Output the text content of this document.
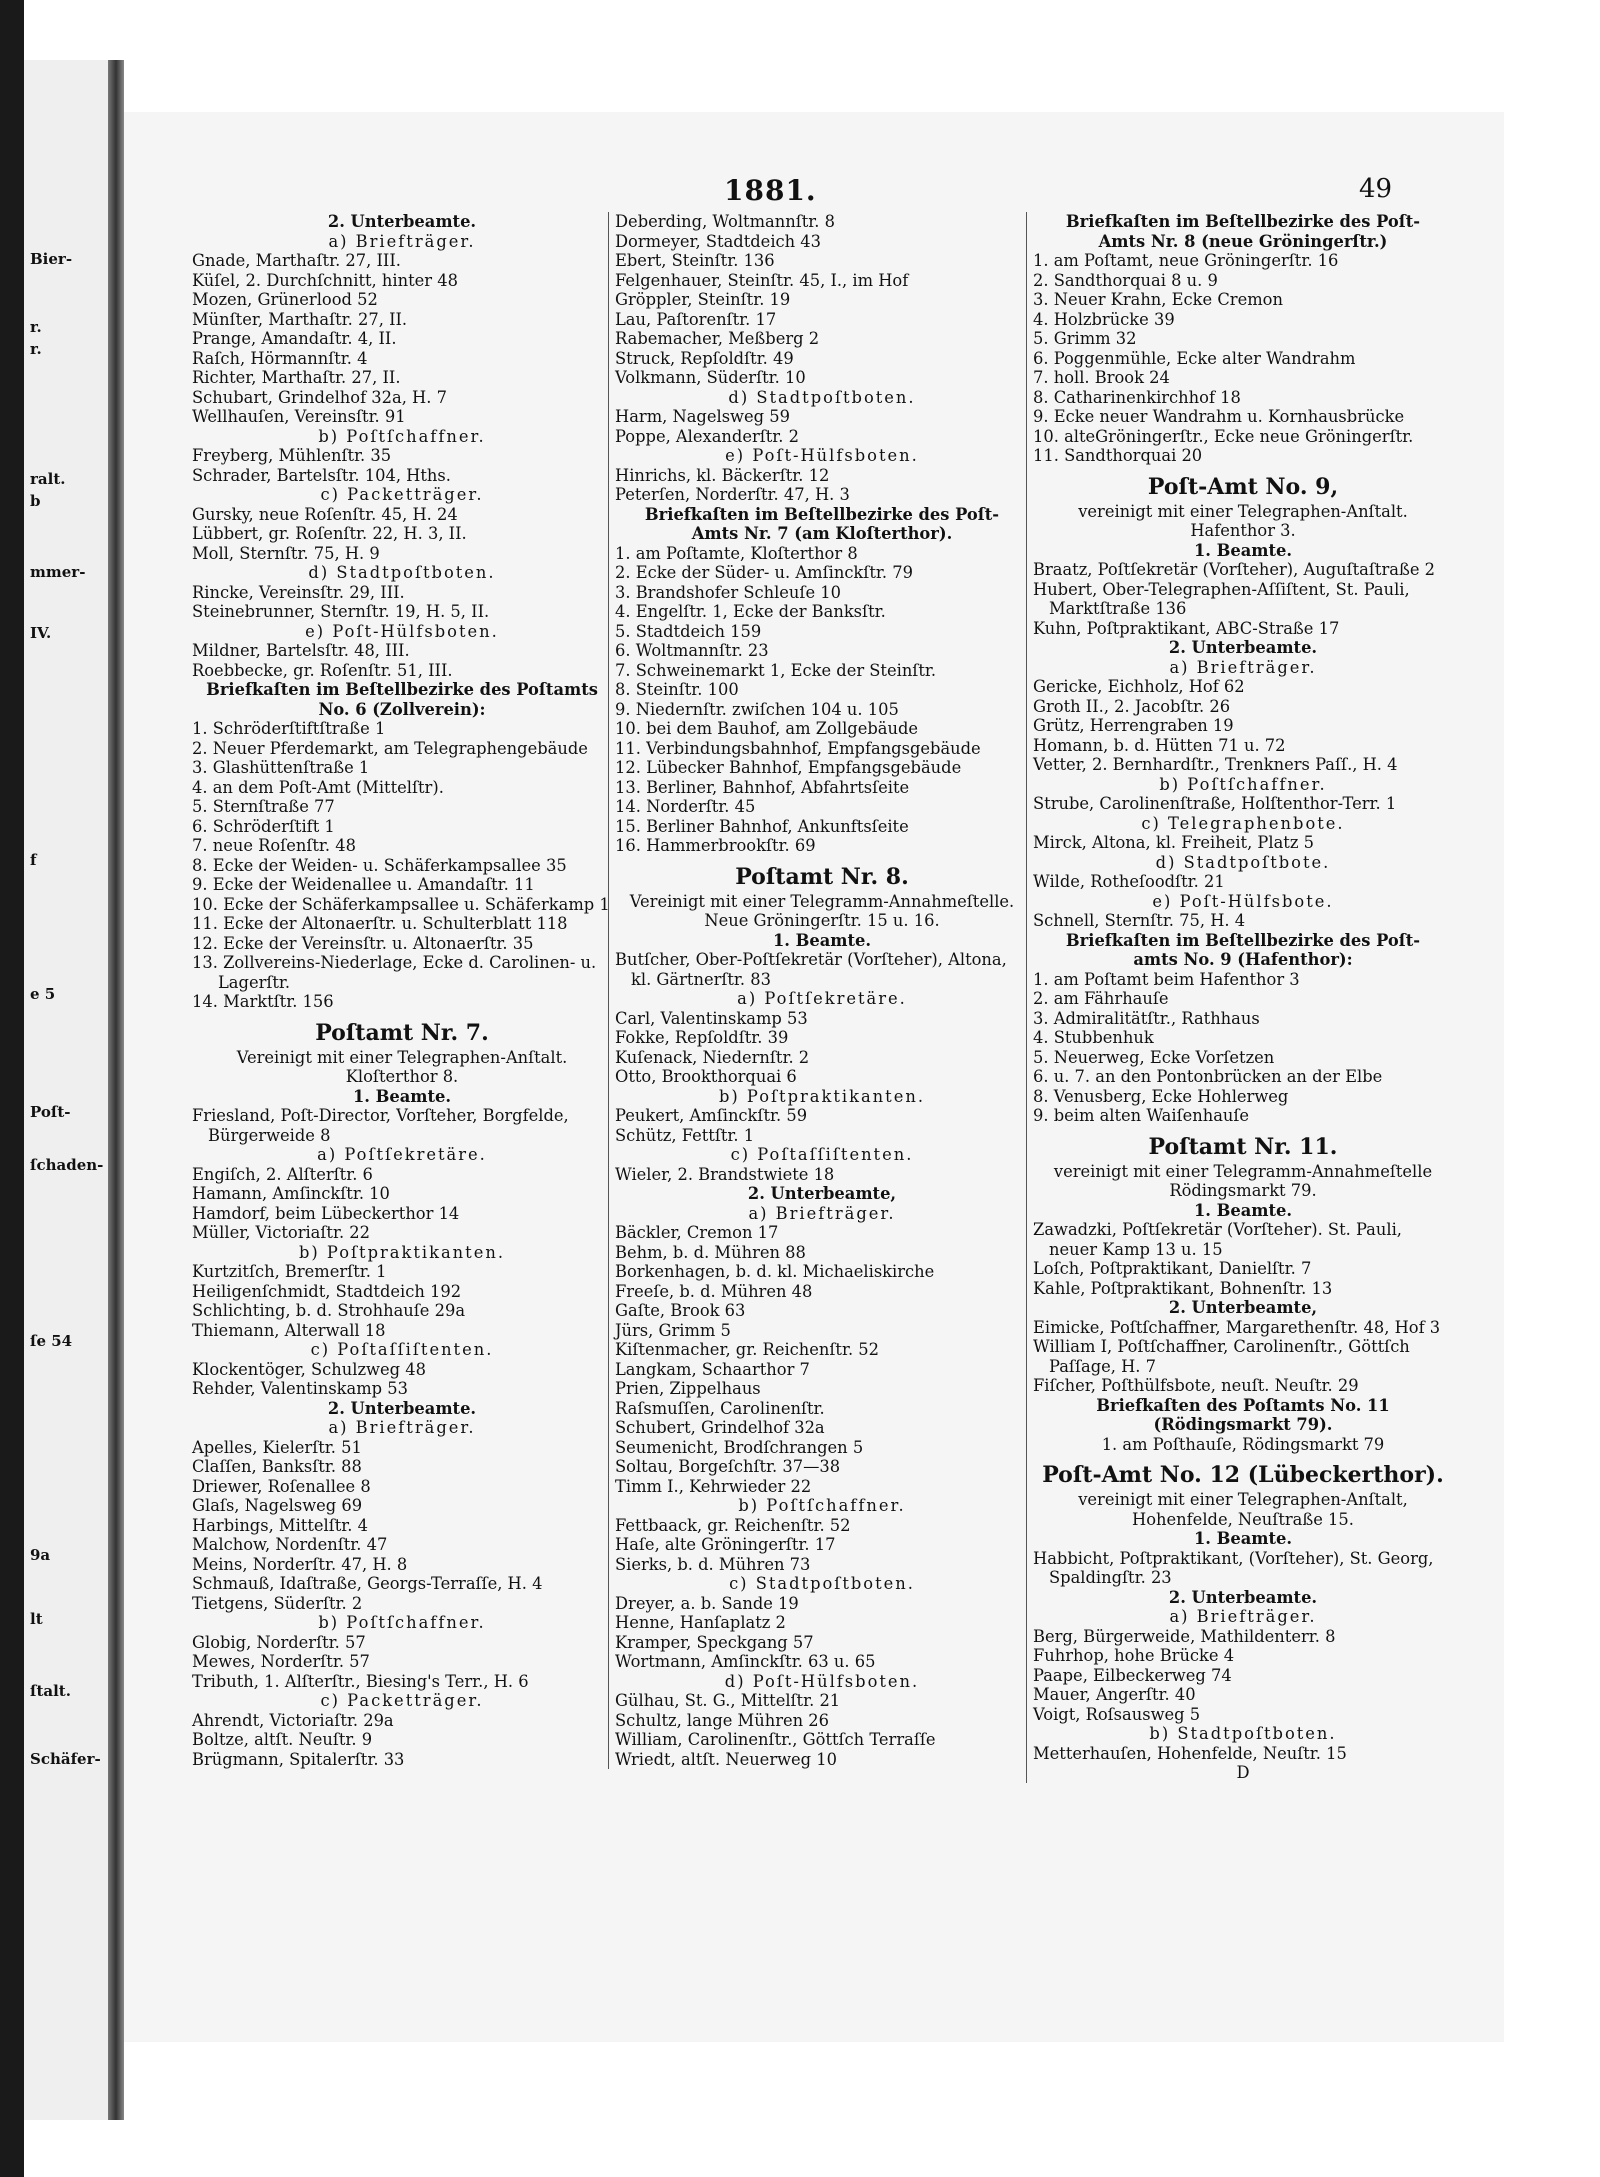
Bier-
r.
r.
ralt.
b
mmer-
IV.
f
e 5
Poſt-
ſchaden-
ſe 54
9a
lt
ſtalt.
Schäfer-
1881.	49
2. Unterbeamte.
a) Briefträger.
Gnade, Marthaſtr. 27, III.
Küſel, 2. Durchſchnitt, hinter 48
Mozen, Grünerlood 52
Münſter, Marthaſtr. 27, II.
Prange, Amandaſtr. 4, II.
Raſch, Hörmannſtr. 4
Richter, Marthaſtr. 27, II.
Schubart, Grindelhof 32a, H. 7
Wellhauſen, Vereinsſtr. 91
b) Poſtſchaffner.
Freyberg, Mühlenſtr. 35
Schrader, Bartelsſtr. 104, Hths.
c) Packetträger.
Gursky, neue Roſenſtr. 45, H. 24
Lübbert, gr. Roſenſtr. 22, H. 3, II.
Moll, Sternſtr. 75, H. 9
d) Stadtpoſtboten.
Rincke, Vereinsſtr. 29, III.
Steinebrunner, Sternſtr. 19, H. 5, II.
e) Poſt-Hülfsboten.
Mildner, Bartelsſtr. 48, III.
Roebbecke, gr. Roſenſtr. 51, III.
Briefkaſten im Beſtellbezirke des Poſtamts
No. 6 (Zollverein):
1. Schröderſtiftſtraße 1
2. Neuer Pferdemarkt, am Telegraphengebäude
3. Glashüttenſtraße 1
4. an dem Poſt-Amt (Mittelſtr).
5. Sternſtraße 77
6. Schröderſtift 1
7. neue Roſenſtr. 48
8. Ecke der Weiden- u. Schäferkampsallee 35
9. Ecke der Weidenallee u. Amandaſtr. 11
10. Ecke der Schäferkampsallee u. Schäferkamp 1
11. Ecke der Altonaerſtr. u. Schulterblatt 118
12. Ecke der Vereinsſtr. u. Altonaerſtr. 35
13. Zollvereins-Niederlage, Ecke d. Carolinen- u. Lagerſtr.
14. Marktſtr. 156
Poſtamt Nr. 7.
Vereinigt mit einer Telegraphen-Anſtalt.
Kloſterthor 8.
1. Beamte.
Friesland, Poſt-Director, Vorſteher, Borgfelde, Bürgerweide 8
a) Poſtſekretäre.
Engiſch, 2. Alſterſtr. 6
Hamann, Amſinckſtr. 10
Hamdorf, beim Lübeckerthor 14
Müller, Victoriaſtr. 22
b) Poſtpraktikanten.
Kurtzitſch, Bremerſtr. 1
Heiligenſchmidt, Stadtdeich 192
Schlichting, b. d. Strohhauſe 29a
Thiemann, Alterwall 18
c) Poſtaſſiſtenten.
Klockentöger, Schulzweg 48
Rehder, Valentinskamp 53
2. Unterbeamte.
a) Briefträger.
Apelles, Kielerſtr. 51
Claſſen, Banksſtr. 88
Driewer, Roſenallee 8
Glaſs, Nagelsweg 69
Harbings, Mittelſtr. 4
Malchow, Nordenſtr. 47
Meins, Norderſtr. 47, H. 8
Schmauß, Idaſtraße, Georgs-Terraſſe, H. 4
Tietgens, Süderſtr. 2
b) Poſtſchaffner.
Globig, Norderſtr. 57
Mewes, Norderſtr. 57
Tributh, 1. Alſterſtr., Biesing's Terr., H. 6
c) Packetträger.
Ahrendt, Victoriaſtr. 29a
Boltze, altſt. Neuſtr. 9
Brügmann, Spitalerſtr. 33
Deberding, Woltmannſtr. 8
Dormeyer, Stadtdeich 43
Ebert, Steinſtr. 136
Felgenhauer, Steinſtr. 45, I., im Hof
Gröppler, Steinſtr. 19
Lau, Paſtorenſtr. 17
Rabemacher, Meßberg 2
Struck, Repſoldſtr. 49
Volkmann, Süderſtr. 10
d) Stadtpoſtboten.
Harm, Nagelsweg 59
Poppe, Alexanderſtr. 2
e) Poſt-Hülfsboten.
Hinrichs, kl. Bäckerſtr. 12
Peterſen, Norderſtr. 47, H. 3
Briefkaſten im Beſtellbezirke des Poſt-
Amts Nr. 7 (am Kloſterthor).
1. am Poſtamte, Kloſterthor 8
2. Ecke der Süder- u. Amſinckſtr. 79
3. Brandshofer Schleuſe 10
4. Engelſtr. 1, Ecke der Banksſtr.
5. Stadtdeich 159
6. Woltmannſtr. 23
7. Schweinemarkt 1, Ecke der Steinſtr.
8. Steinſtr. 100
9. Niedernſtr. zwiſchen 104 u. 105
10. bei dem Bauhof, am Zollgebäude
11. Verbindungsbahnhof, Empfangsgebäude
12. Lübecker Bahnhof, Empfangsgebäude
13. Berliner, Bahnhof, Abfahrtsſeite
14. Norderſtr. 45
15. Berliner Bahnhof, Ankunftsſeite
16. Hammerbrookſtr. 69
Poſtamt Nr. 8.
Vereinigt mit einer Telegramm-Annahmeſtelle.
Neue Gröningerſtr. 15 u. 16.
1. Beamte.
Butſcher, Ober-Poſtſekretär (Vorſteher), Altona, kl. Gärtnerſtr. 83
a) Poſtſekretäre.
Carl, Valentinskamp 53
Fokke, Repſoldſtr. 39
Kuſenack, Niedernſtr. 2
Otto, Brookthorquai 6
b) Poſtpraktikanten.
Peukert, Amſinckſtr. 59
Schütz, Fettſtr. 1
c) Poſtaſſiſtenten.
Wieler, 2. Brandstwiete 18
2. Unterbeamte,
a) Briefträger.
Bäckler, Cremon 17
Behm, b. d. Mühren 88
Borkenhagen, b. d. kl. Michaeliskirche
Freeſe, b. d. Mühren 48
Gaſte, Brook 63
Jürs, Grimm 5
Kiſtenmacher, gr. Reichenſtr. 52
Langkam, Schaarthor 7
Prien, Zippelhaus
Raſsmuſſen, Carolinenſtr.
Schubert, Grindelhof 32a
Seumenicht, Brodſchrangen 5
Soltau, Borgeſchſtr. 37—38
Timm I., Kehrwieder 22
b) Poſtſchaffner.
Fettbaack, gr. Reichenſtr. 52
Haſe, alte Gröningerſtr. 17
Sierks, b. d. Mühren 73
c) Stadtpoſtboten.
Dreyer, a. b. Sande 19
Henne, Hanſaplatz 2
Kramper, Speckgang 57
Wortmann, Amſinckſtr. 63 u. 65
d) Poſt-Hülfsboten.
Gülhau, St. G., Mittelſtr. 21
Schultz, lange Mühren 26
William, Carolinenſtr., Göttſch Terraſſe
Wriedt, altſt. Neuerweg 10
Briefkaſten im Beſtellbezirke des Poſt-
Amts Nr. 8 (neue Gröningerſtr.)
1. am Poſtamt, neue Gröningerſtr. 16
2. Sandthorquai 8 u. 9
3. Neuer Krahn, Ecke Cremon
4. Holzbrücke 39
5. Grimm 32
6. Poggenmühle, Ecke alter Wandrahm
7. holl. Brook 24
8. Catharinenkirchhof 18
9. Ecke neuer Wandrahm u. Kornhausbrücke
10. alteGröningerſtr., Ecke neue Gröningerſtr.
11. Sandthorquai 20
Poſt-Amt No. 9,
vereinigt mit einer Telegraphen-Anſtalt.
Hafenthor 3.
1. Beamte.
Braatz, Poſtſekretär (Vorſteher), Auguſtaſtraße 2
Hubert, Ober-Telegraphen-Aſſiſtent, St. Pauli, Marktſtraße 136
Kuhn, Poſtpraktikant, ABC-Straße 17
2. Unterbeamte.
a) Briefträger.
Gericke, Eichholz, Hof 62
Groth II., 2. Jacobſtr. 26
Grütz, Herrengraben 19
Homann, b. d. Hütten 71 u. 72
Vetter, 2. Bernhardſtr., Trenkners Paſſ., H. 4
b) Poſtſchaffner.
Strube, Carolinenſtraße, Holſtenthor-Terr. 1
c) Telegraphenbote.
Mirck, Altona, kl. Freiheit, Platz 5
d) Stadtpoſtbote.
Wilde, Rotheſoodſtr. 21
e) Poſt-Hülfsbote.
Schnell, Sternſtr. 75, H. 4
Briefkaſten im Beſtellbezirke des Poſt-
amts No. 9 (Hafenthor):
1. am Poſtamt beim Hafenthor 3
2. am Fährhauſe
3. Admiralitätſtr., Rathhaus
4. Stubbenhuk
5. Neuerweg, Ecke Vorſetzen
6. u. 7. an den Pontonbrücken an der Elbe
8. Venusberg, Ecke Hohlerweg
9. beim alten Waiſenhauſe
Poſtamt Nr. 11.
vereinigt mit einer Telegramm-Annahmeſtelle
Rödingsmarkt 79.
1. Beamte.
Zawadzki, Poſtſekretär (Vorſteher). St. Pauli, neuer Kamp 13 u. 15
Loſch, Poſtpraktikant, Danielſtr. 7
Kahle, Poſtpraktikant, Bohnenſtr. 13
2. Unterbeamte,
Eimicke, Poſtſchaffner, Margarethenſtr. 48, Hof 3
William I, Poſtſchaffner, Carolinenſtr., Göttſch Paſſage, H. 7
Fiſcher, Poſthülfsbote, neuſt. Neuſtr. 29
Briefkaſten des Poſtamts No. 11
(Rödingsmarkt 79).
1. am Poſthauſe, Rödingsmarkt 79
Poſt-Amt No. 12 (Lübeckerthor).
vereinigt mit einer Telegraphen-Anſtalt,
Hohenfelde, Neuſtraße 15.
1. Beamte.
Habbicht, Poſtpraktikant, (Vorſteher), St. Georg, Spaldingſtr. 23
2. Unterbeamte.
a) Briefträger.
Berg, Bürgerweide, Mathildenterr. 8
Fuhrhop, hohe Brücke 4
Paape, Eilbeckerweg 74
Mauer, Angerſtr. 40
Voigt, Roſsausweg 5
b) Stadtpoſtboten.
Metterhauſen, Hohenfelde, Neuſtr. 15
D
